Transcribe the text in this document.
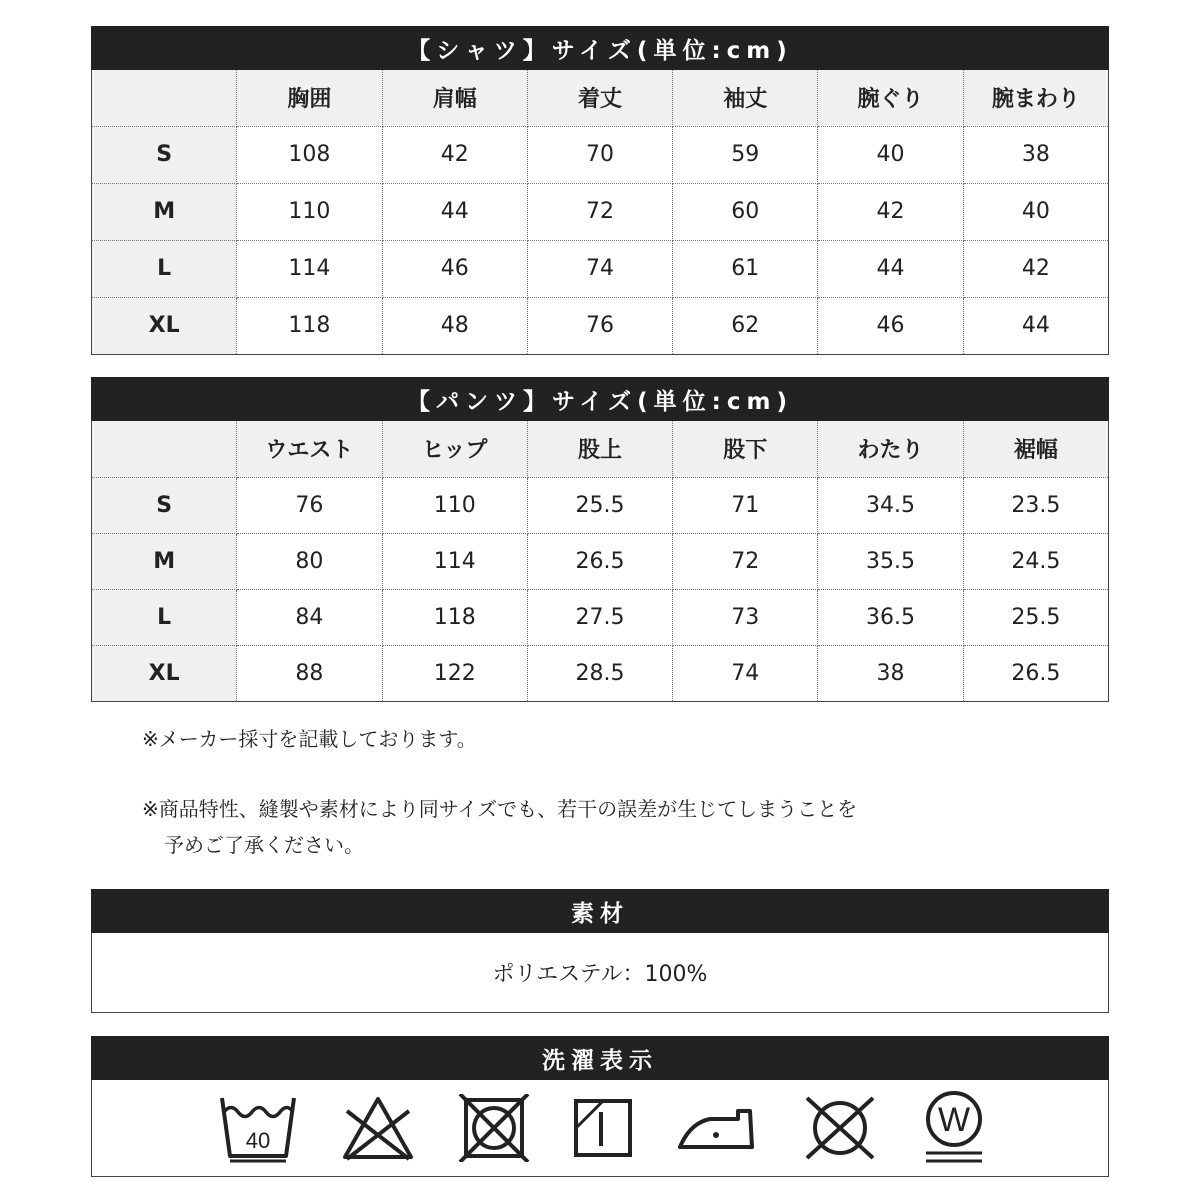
【シャツ】サイズ(単位:cm)
	胸囲	肩幅	着丈	袖丈	腕ぐり	腕まわり
S	108	42	70	59	40	38
M	110	44	72	60	42	40
L	114	46	74	61	44	42
XL	118	48	76	62	46	44
【パンツ】サイズ(単位:cm)
	ウエスト	ヒップ	股上	股下	わたり	裾幅
S	76	110	25.5	71	34.5	23.5
M	80	114	26.5	72	35.5	24.5
L	84	118	27.5	73	36.5	25.5
XL	88	122	28.5	74	38	26.5
※メーカー採寸を記載しております。
※商品特性、縫製や素材により同サイズでも、若干の誤差が生じてしまうことを
予めご了承ください。
素材
ポリエステル：100%
洗濯表示
40
W
